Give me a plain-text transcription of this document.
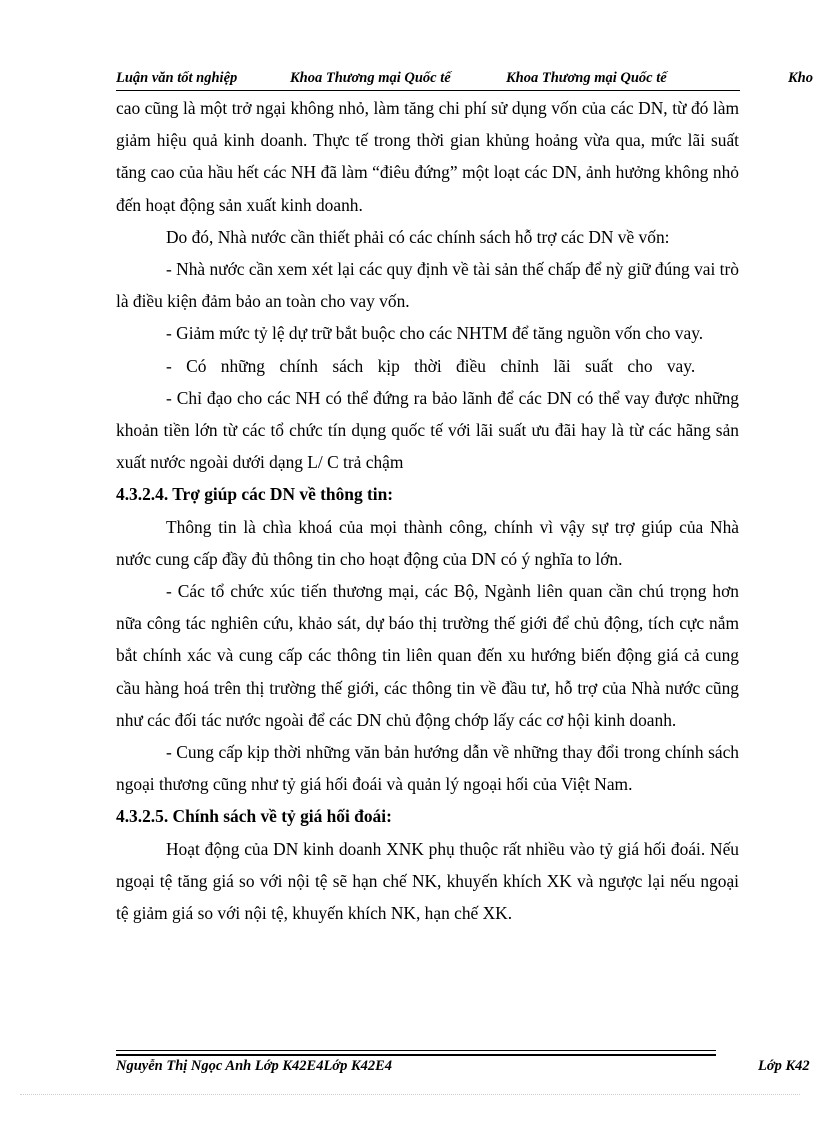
Luận văn tốt nghiệp	Khoa Thương mại Quốc tế	Khoa Thương mại Quốc tế	Kho

cao cũng là một trở ngại không nhỏ, làm tăng chi phí sử dụng vốn của các DN, từ đó làm giảm hiệu quả kinh doanh. Thực tế trong thời gian khủng hoảng vừa qua, mức lãi suất tăng cao của hầu hết các NH đã làm “điêu đứng” một loạt các DN, ảnh hưởng không nhỏ đến hoạt động sản xuất kinh doanh.

Do đó, Nhà nước cần thiết phải có các chính sách hỗ trợ các DN về vốn:

- Nhà nước cần xem xét lại các quy định về tài sản thế chấp để nỳ giữ đúng vai trò là điều kiện đảm bảo an toàn cho vay vốn.

- Giảm mức tỷ lệ dự trữ bắt buộc cho các NHTM để tăng nguồn vốn cho vay.

- Có những chính sách kịp thời điều chỉnh lãi suất cho vay.

- Chỉ đạo cho các NH có thể đứng ra bảo lãnh để các DN có thể vay được những khoản tiền lớn từ các tổ chức tín dụng quốc tế với lãi suất ưu đãi hay là từ các hãng sản xuất nước ngoài dưới dạng L/ C trả chậm

4.3.2.4. Trợ giúp các DN về thông tin:

Thông tin là chìa khoá của mọi thành công, chính vì vậy sự trợ giúp của Nhà nước cung cấp đầy đủ thông tin cho hoạt động của DN có ý nghĩa to lớn.

- Các tổ chức xúc tiến thương mại, các Bộ, Ngành liên quan cần chú trọng hơn nữa công tác nghiên cứu, khảo sát, dự báo thị trường thế giới để chủ động, tích cực nắm bắt chính xác và cung cấp các thông tin liên quan đến xu hướng biến động giá cả cung cầu hàng hoá trên thị trường thế giới, các thông tin về đầu tư, hỗ trợ của Nhà nước cũng như các đối tác nước ngoài để các DN chủ động chớp lấy các cơ hội kinh doanh.

- Cung cấp kịp thời những văn bản hướng dẫn về những thay đổi trong chính sách ngoại thương cũng như tỷ giá hối đoái và quản lý ngoại hối của Việt Nam.

4.3.2.5. Chính sách về tỷ giá hối đoái:

Hoạt động của DN kinh doanh XNK phụ thuộc rất nhiều vào tỷ giá hối đoái. Nếu ngoại tệ tăng giá so với nội tệ sẽ hạn chế NK, khuyến khích XK và ngược lại nếu ngoại tệ giảm giá so với nội tệ, khuyến khích NK, hạn chế XK.

Nguyễn Thị Ngọc Anh Lớp K42E4Lớp K42E4	Lớp K42
